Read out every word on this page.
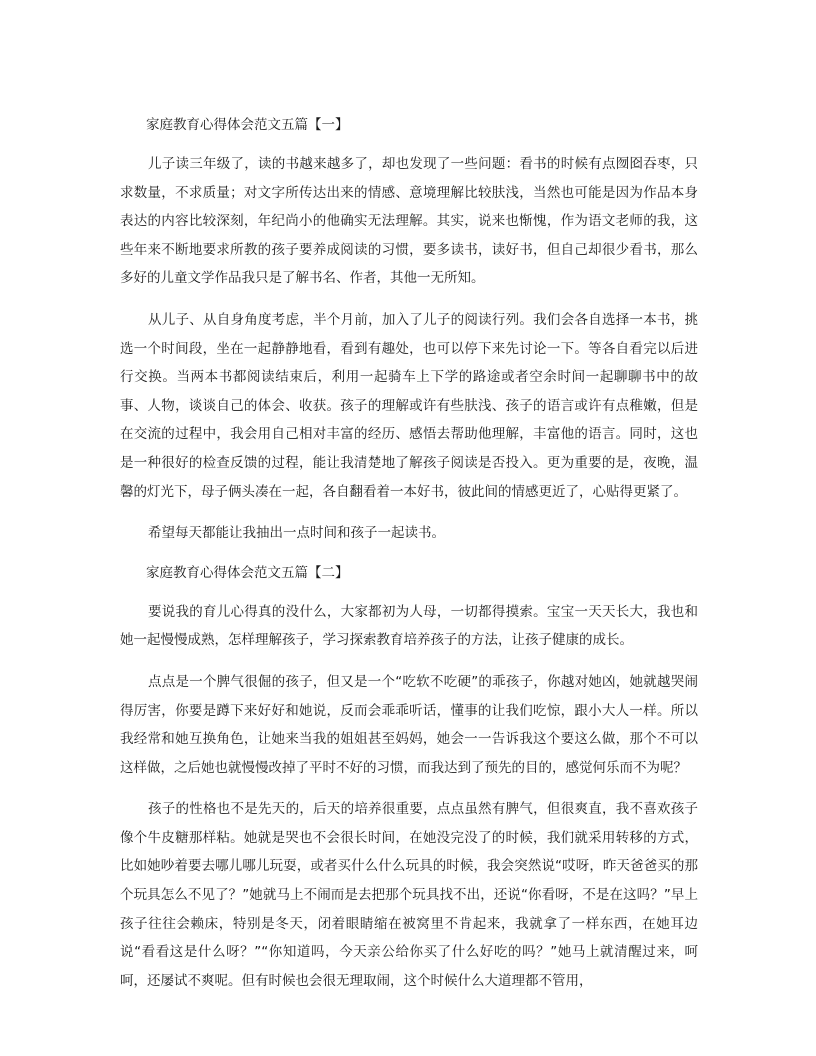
家庭教育心得体会范文五篇【一】

儿子读三年级了，读的书越来越多了，却也发现了一些问题：看书的时候有点囫囵吞枣，只求数量，不求质量；对文字所传达出来的情感、意境理解比较肤浅，当然也可能是因为作品本身表达的内容比较深刻，年纪尚小的他确实无法理解。其实，说来也惭愧，作为语文老师的我，这些年来不断地要求所教的孩子要养成阅读的习惯，要多读书，读好书，但自己却很少看书，那么多好的儿童文学作品我只是了解书名、作者，其他一无所知。

从儿子、从自身角度考虑，半个月前，加入了儿子的阅读行列。我们会各自选择一本书，挑选一个时间段，坐在一起静静地看，看到有趣处，也可以停下来先讨论一下。等各自看完以后进行交换。当两本书都阅读结束后，利用一起骑车上下学的路途或者空余时间一起聊聊书中的故事、人物，谈谈自己的体会、收获。孩子的理解或许有些肤浅、孩子的语言或许有点稚嫩，但是在交流的过程中，我会用自己相对丰富的经历、感悟去帮助他理解，丰富他的语言。同时，这也是一种很好的检查反馈的过程，能让我清楚地了解孩子阅读是否投入。更为重要的是，夜晚，温馨的灯光下，母子俩头凑在一起，各自翻看着一本好书，彼此间的情感更近了，心贴得更紧了。

希望每天都能让我抽出一点时间和孩子一起读书。

家庭教育心得体会范文五篇【二】

要说我的育儿心得真的没什么，大家都初为人母，一切都得摸索。宝宝一天天长大，我也和她一起慢慢成熟，怎样理解孩子，学习探索教育培养孩子的方法，让孩子健康的成长。

点点是一个脾气很倔的孩子，但又是一个“吃软不吃硬”的乖孩子，你越对她凶，她就越哭闹得厉害，你要是蹲下来好好和她说，反而会乖乖听话，懂事的让我们吃惊，跟小大人一样。所以我经常和她互换角色，让她来当我的姐姐甚至妈妈，她会一一告诉我这个要这么做，那个不可以这样做，之后她也就慢慢改掉了平时不好的习惯，而我达到了预先的目的，感觉何乐而不为呢？

孩子的性格也不是先天的，后天的培养很重要，点点虽然有脾气，但很爽直，我不喜欢孩子像个牛皮糖那样粘。她就是哭也不会很长时间，在她没完没了的时候，我们就采用转移的方式，比如她吵着要去哪儿哪儿玩耍，或者买什么什么玩具的时候，我会突然说“哎呀，昨天爸爸买的那个玩具怎么不见了？”她就马上不闹而是去把那个玩具找不出，还说“你看呀，不是在这吗？”早上孩子往往会赖床，特别是冬天，闭着眼睛缩在被窝里不肯起来，我就拿了一样东西，在她耳边说“看看这是什么呀？”“你知道吗，今天亲公给你买了什么好吃的吗？”她马上就清醒过来，呵呵，还屡试不爽呢。但有时候也会很无理取闹，这个时候什么大道理都不管用，
